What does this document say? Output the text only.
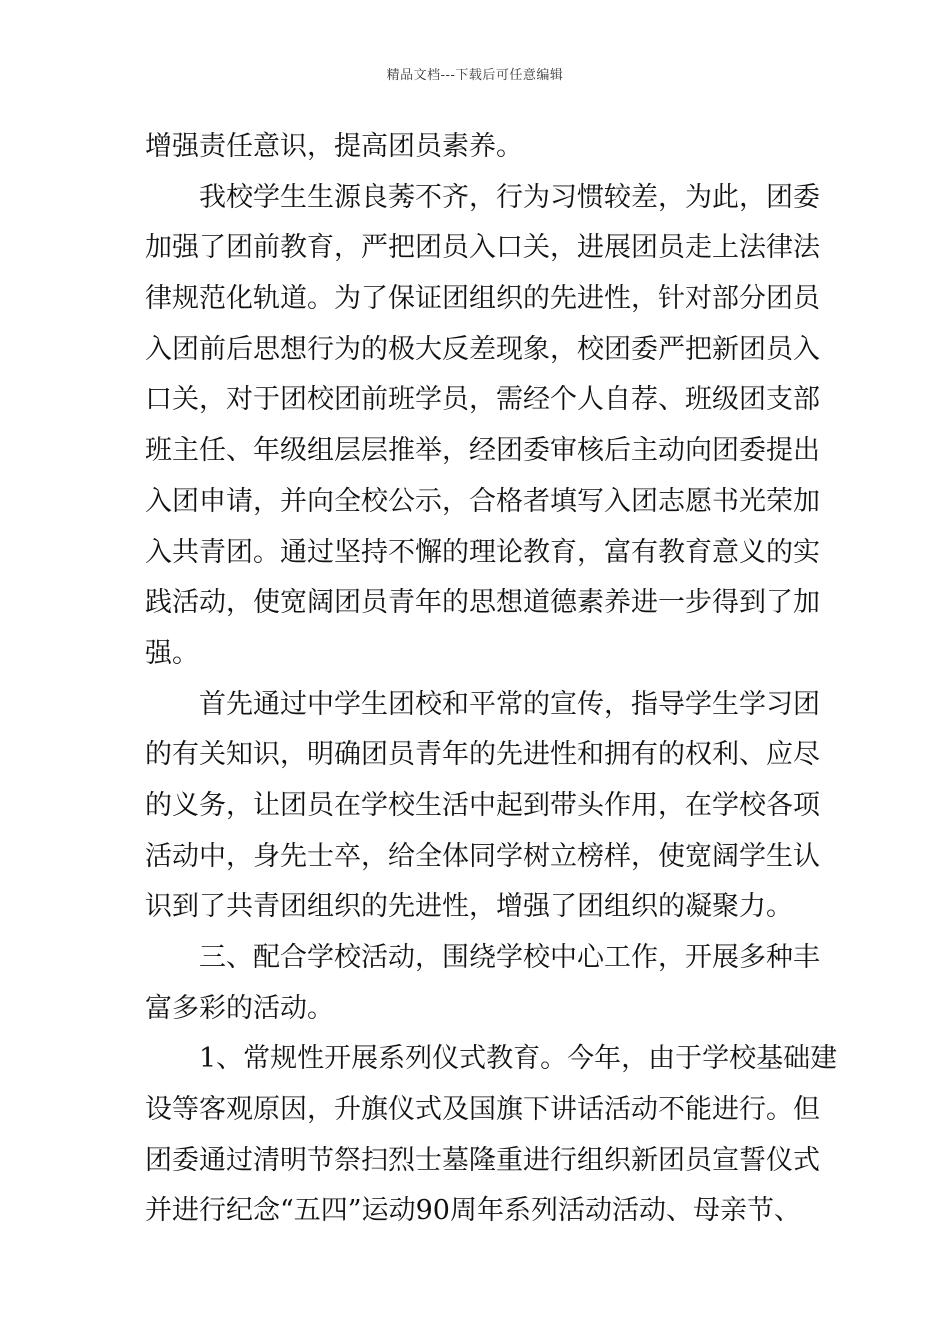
精品文档---下载后可任意编辑
增强责任意识，提高团员素养。
我校学生生源良莠不齐，行为习惯较差，为此，团委
加强了团前教育，严把团员入口关，进展团员走上法律法
律规范化轨道。为了保证团组织的先进性，针对部分团员
入团前后思想行为的极大反差现象，校团委严把新团员入
口关，对于团校团前班学员，需经个人自荐、班级团支部
班主任、年级组层层推举，经团委审核后主动向团委提出
入团申请，并向全校公示，合格者填写入团志愿书光荣加
入共青团。通过坚持不懈的理论教育，富有教育意义的实
践活动，使宽阔团员青年的思想道德素养进一步得到了加
强。
首先通过中学生团校和平常的宣传，指导学生学习团
的有关知识，明确团员青年的先进性和拥有的权利、应尽
的义务，让团员在学校生活中起到带头作用，在学校各项
活动中，身先士卒，给全体同学树立榜样，使宽阔学生认
识到了共青团组织的先进性，增强了团组织的凝聚力。
三、配合学校活动，围绕学校中心工作，开展多种丰
富多彩的活动。
1、常规性开展系列仪式教育。今年，由于学校基础建
设等客观原因，升旗仪式及国旗下讲话活动不能进行。但
团委通过清明节祭扫烈士墓隆重进行组织新团员宣誓仪式
并进行纪念“五四”运动90周年系列活动活动、母亲节、
